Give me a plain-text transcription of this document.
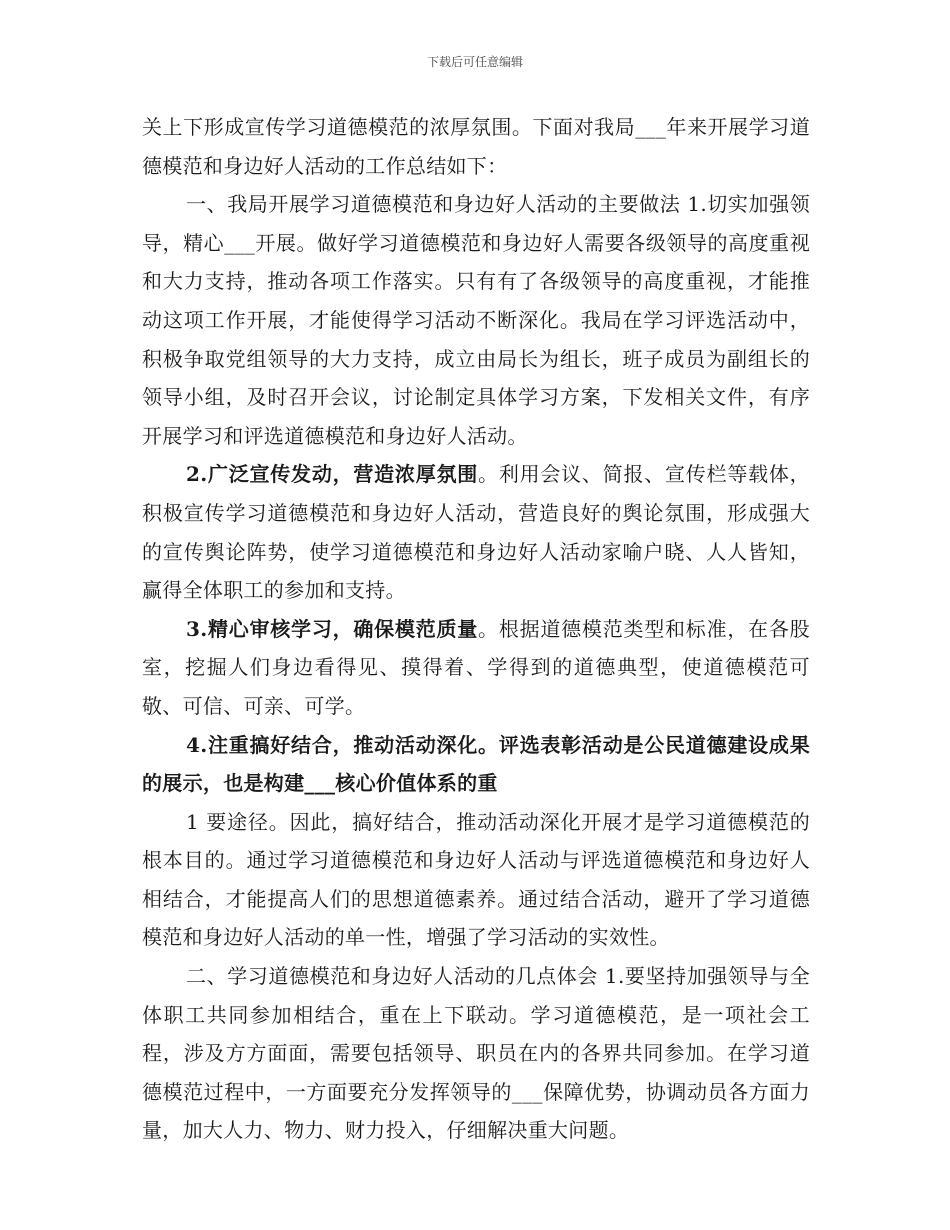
下载后可任意编辑

关上下形成宣传学习道德模范的浓厚氛围。下面对我局___年来开展学习道德模范和身边好人活动的工作总结如下：

一、我局开展学习道德模范和身边好人活动的主要做法 1.切实加强领导，精心___开展。做好学习道德模范和身边好人需要各级领导的高度重视和大力支持，推动各项工作落实。只有有了各级领导的高度重视，才能推动这项工作开展，才能使得学习活动不断深化。我局在学习评选活动中，积极争取党组领导的大力支持，成立由局长为组长，班子成员为副组长的领导小组，及时召开会议，讨论制定具体学习方案，下发相关文件，有序开展学习和评选道德模范和身边好人活动。

2.广泛宣传发动，营造浓厚氛围。利用会议、简报、宣传栏等载体，积极宣传学习道德模范和身边好人活动，营造良好的舆论氛围，形成强大的宣传舆论阵势，使学习道德模范和身边好人活动家喻户晓、人人皆知，赢得全体职工的参加和支持。

3.精心审核学习，确保模范质量。根据道德模范类型和标准，在各股室，挖掘人们身边看得见、摸得着、学得到的道德典型，使道德模范可敬、可信、可亲、可学。

4.注重搞好结合，推动活动深化。评选表彰活动是公民道德建设成果的展示，也是构建___核心价值体系的重

1 要途径。因此，搞好结合，推动活动深化开展才是学习道德模范的根本目的。通过学习道德模范和身边好人活动与评选道德模范和身边好人相结合，才能提高人们的思想道德素养。通过结合活动，避开了学习道德模范和身边好人活动的单一性，增强了学习活动的实效性。

二、学习道德模范和身边好人活动的几点体会 1.要坚持加强领导与全体职工共同参加相结合，重在上下联动。学习道德模范，是一项社会工程，涉及方方面面，需要包括领导、职员在内的各界共同参加。在学习道德模范过程中，一方面要充分发挥领导的___保障优势，协调动员各方面力量，加大人力、物力、财力投入，仔细解决重大问题。
